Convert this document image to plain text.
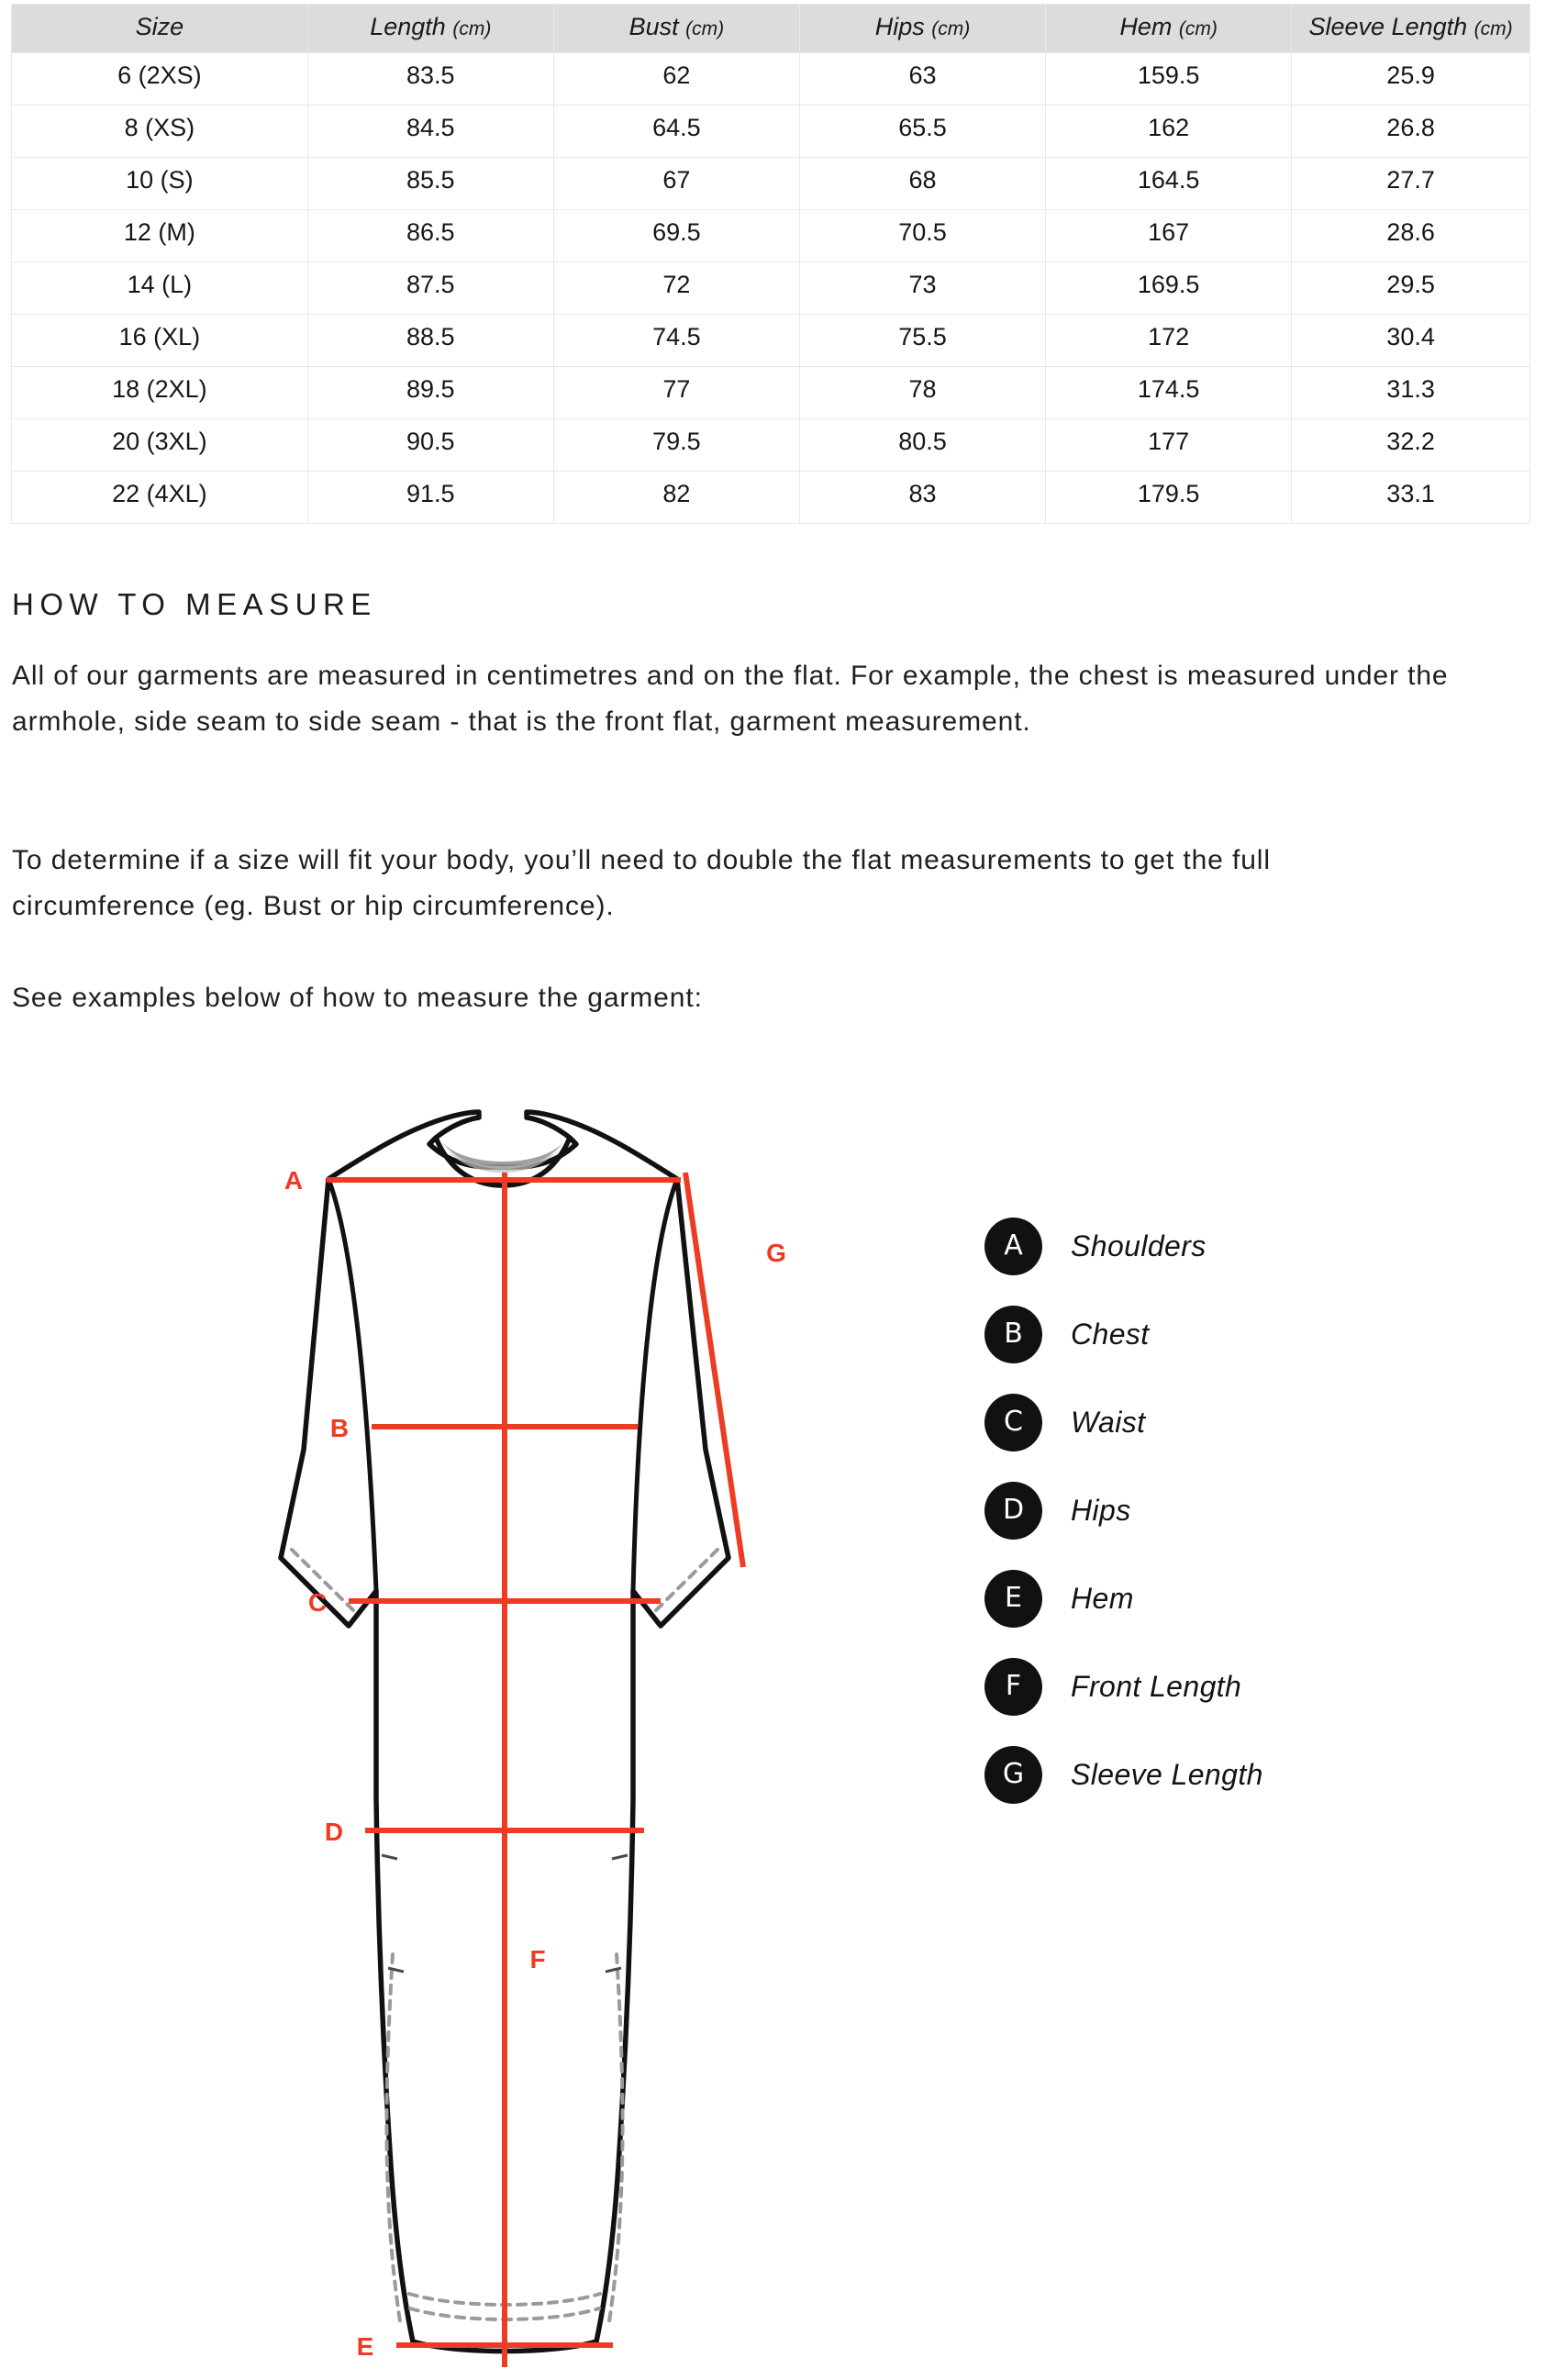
Size	Length (cm)	Bust (cm)	Hips (cm)	Hem (cm)	Sleeve Length (cm)
6 (2XS)	83.5	62	63	159.5	25.9
8 (XS)	84.5	64.5	65.5	162	26.8
10 (S)	85.5	67	68	164.5	27.7
12 (M)	86.5	69.5	70.5	167	28.6
14 (L)	87.5	72	73	169.5	29.5
16 (XL)	88.5	74.5	75.5	172	30.4
18 (2XL)	89.5	77	78	174.5	31.3
20 (3XL)	90.5	79.5	80.5	177	32.2
22 (4XL)	91.5	82	83	179.5	33.1
HOW TO MEASURE
All of our garments are measured in centimetres and on the flat. For example, the chest is measured under the armhole, side seam to side seam - that is the front flat, garment measurement.
To determine if a size will fit your body, you’ll need to double the flat measurements to get the full circumference (eg. Bust or hip circumference).
See examples below of how to measure the garment:
A
B
C
D
E
F
G	A	Shoulders
B	Chest
C	Waist
D	Hips
E	Hem
F	Front Length
G	Sleeve Length
